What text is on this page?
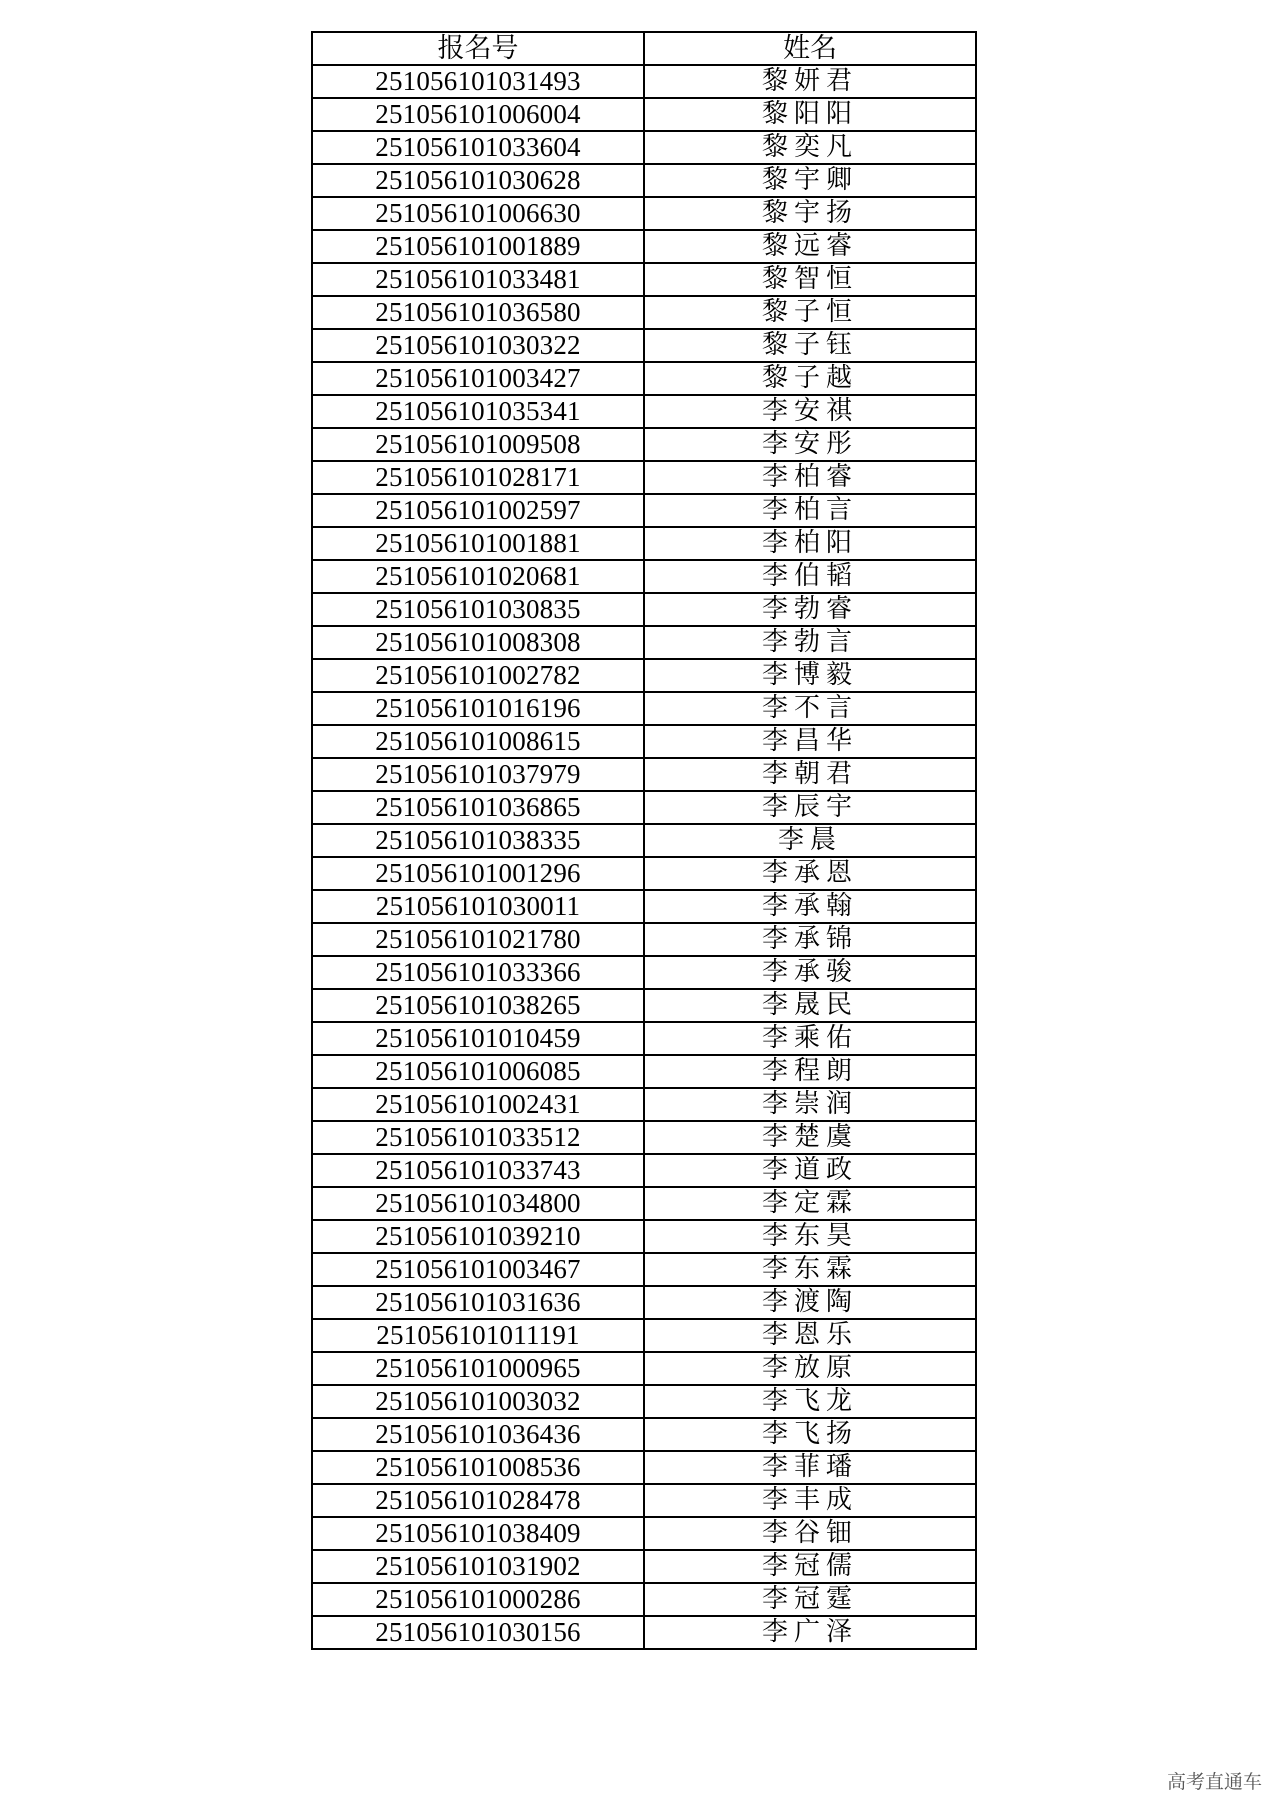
报名号	姓名
251056101031493	黎妍君
251056101006004	黎阳阳
251056101033604	黎奕凡
251056101030628	黎宇卿
251056101006630	黎宇扬
251056101001889	黎远睿
251056101033481	黎智恒
251056101036580	黎子恒
251056101030322	黎子钰
251056101003427	黎子越
251056101035341	李安祺
251056101009508	李安彤
251056101028171	李柏睿
251056101002597	李柏言
251056101001881	李柏阳
251056101020681	李伯韬
251056101030835	李勃睿
251056101008308	李勃言
251056101002782	李博毅
251056101016196	李不言
251056101008615	李昌华
251056101037979	李朝君
251056101036865	李辰宇
251056101038335	李晨
251056101001296	李承恩
251056101030011	李承翰
251056101021780	李承锦
251056101033366	李承骏
251056101038265	李晟民
251056101010459	李乘佑
251056101006085	李程朗
251056101002431	李崇润
251056101033512	李楚虞
251056101033743	李道政
251056101034800	李定霖
251056101039210	李东昊
251056101003467	李东霖
251056101031636	李渡陶
251056101011191	李恩乐
251056101000965	李放原
251056101003032	李飞龙
251056101036436	李飞扬
251056101008536	李菲璠
251056101028478	李丰成
251056101038409	李谷钿
251056101031902	李冠儒
251056101000286	李冠霆
251056101030156	李广泽
高考直通车
